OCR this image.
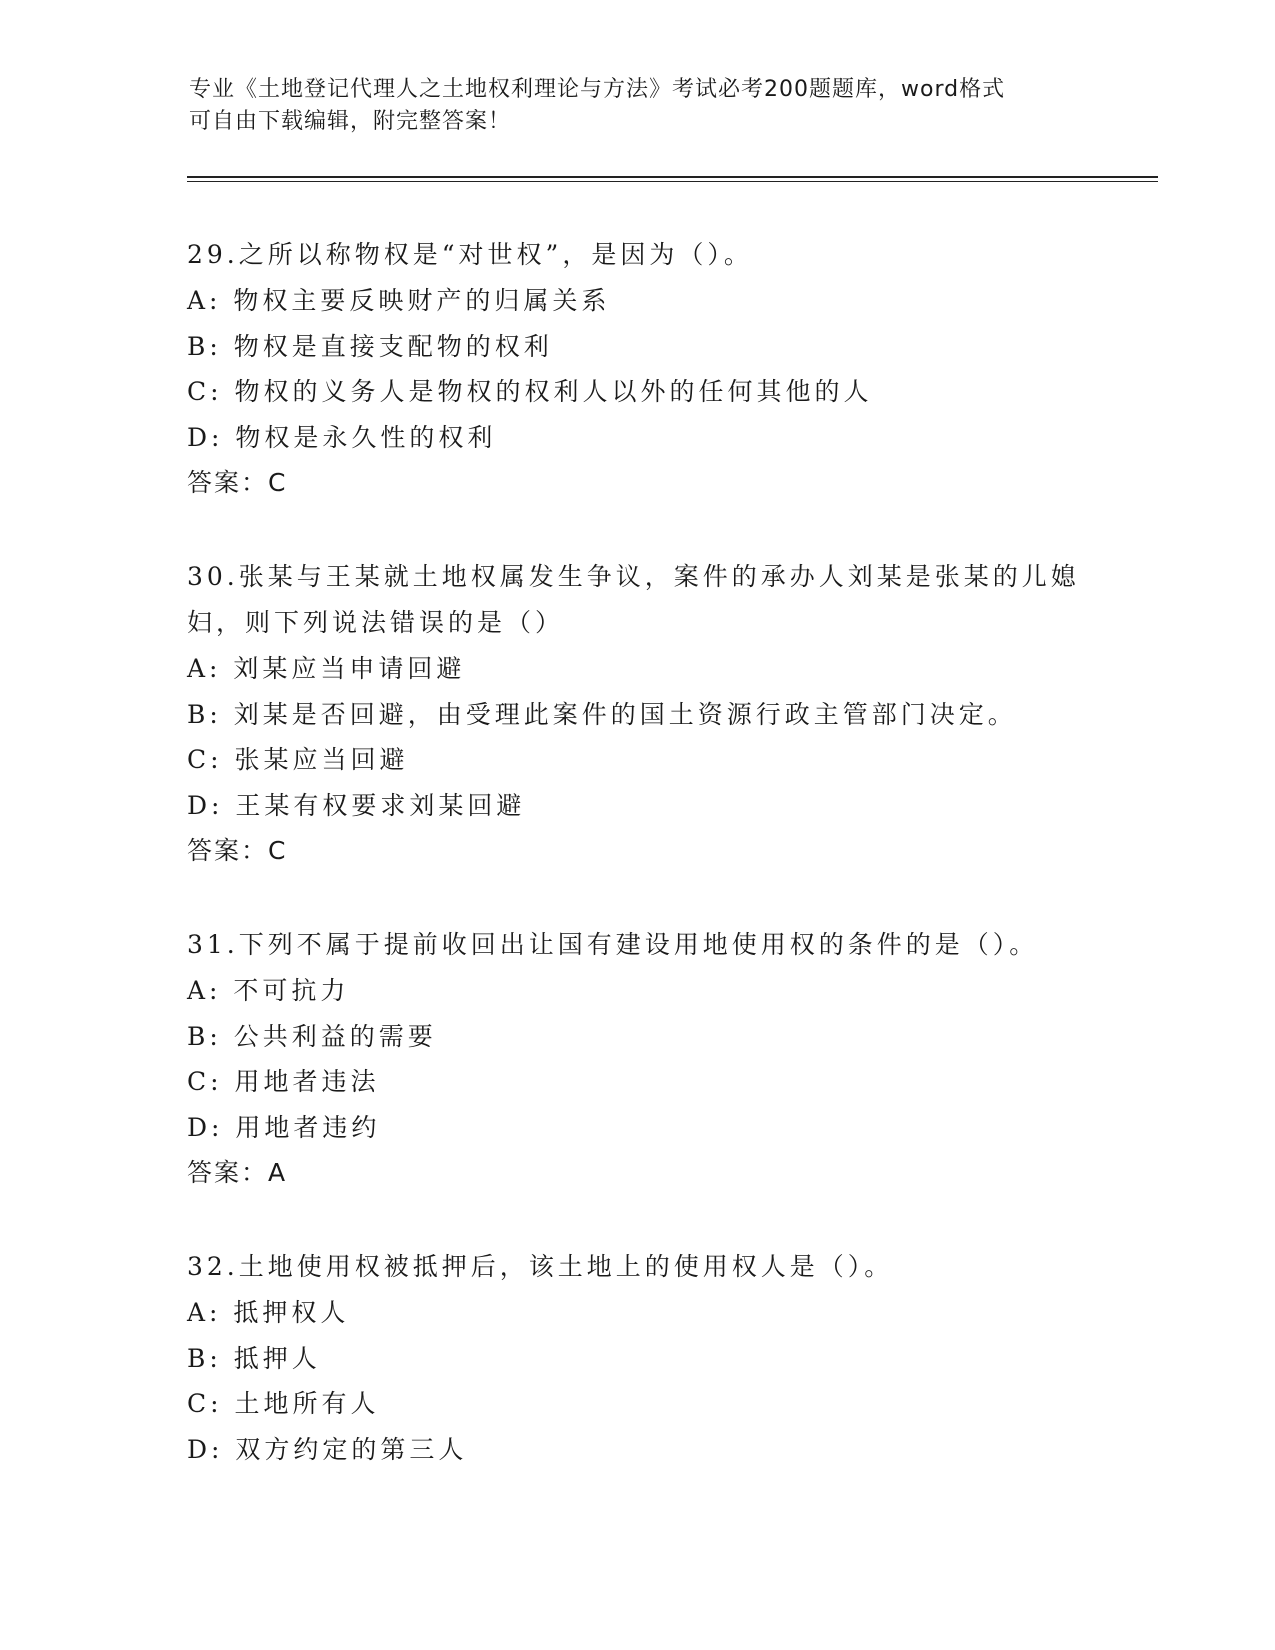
专业《土地登记代理人之土地权利理论与方法》考试必考200题题库，word格式
可自由下载编辑，附完整答案！
29.之所以称物权是“对世权”，是因为（）。
A: 物权主要反映财产的归属关系
B: 物权是直接支配物的权利
C: 物权的义务人是物权的权利人以外的任何其他的人
D: 物权是永久性的权利
答案：C
30.张某与王某就土地权属发生争议，案件的承办人刘某是张某的儿媳妇，则下列说法错误的是（）
A: 刘某应当申请回避
B: 刘某是否回避，由受理此案件的国土资源行政主管部门决定。
C: 张某应当回避
D: 王某有权要求刘某回避
答案：C
31.下列不属于提前收回出让国有建设用地使用权的条件的是（）。
A: 不可抗力
B: 公共利益的需要
C: 用地者违法
D: 用地者违约
答案：A
32.土地使用权被抵押后，该土地上的使用权人是（）。
A: 抵押权人
B: 抵押人
C: 土地所有人
D: 双方约定的第三人
